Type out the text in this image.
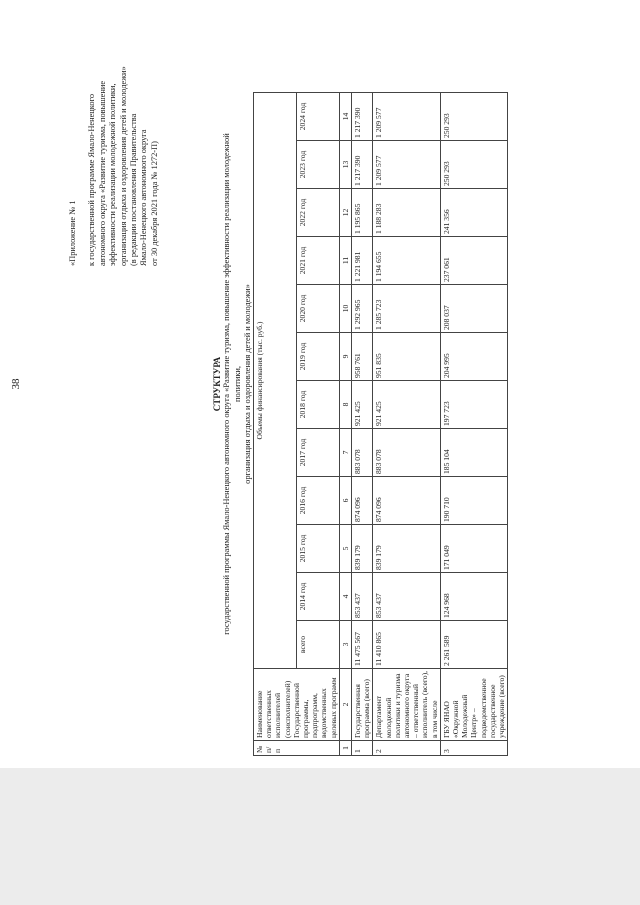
38
«Приложение № 1 к государственной программе Ямало-Ненецкого автономного округа «Развитие туризма, повышение эффективности реализации молодежной политики, организация отдыха и оздоровления детей и молодежи» (в редакции постановления Правительства Ямало-Ненецкого автономного округа от 30 декабря 2021 года № 1272-П)
СТРУКТУРА государственной программы Ямало-Ненецкого автономного округа «Развитие туризма, повышение эффективности реализации молодежной политики, организация отдыха и оздоровления детей и молодежи»
№ п/п	Наименование ответственных исполнителей (соисполнителей) Государственной программы, подпрограмм, ведомственных целевых программ	Объемы финансирования (тыс. руб.)											
		всего	2014 год	2015 год	2016 год	2017 год	2018 год	2019 год	2020 год	2021 год	2022 год	2023 год	2024 год
1	2	3	4	5	6	7	8	9	10	11	12	13	14
1	Государственная программа (всего)	11 475 567	853 437	839 179	874 096	883 078	921 425	958 761	1 292 965	1 221 981	1 195 865	1 217 390	1 217 390
2	Департамент молодежной политики и туризма автономного округа – ответственный исполнитель (всего), в том числе	11 410 865	853 437	839 179	874 096	883 078	921 425	951 835	1 285 723	1 194 655	1 188 283	1 209 577	1 209 577
3	ГБУ ЯНАО «Окружной Молодежный Центр» – подведомственное государственное учреждение (всего)	2 261 589	124 968	171 049	190 710	185 104	197 723	204 995	208 037	237 061	241 356	250 293	250 293
